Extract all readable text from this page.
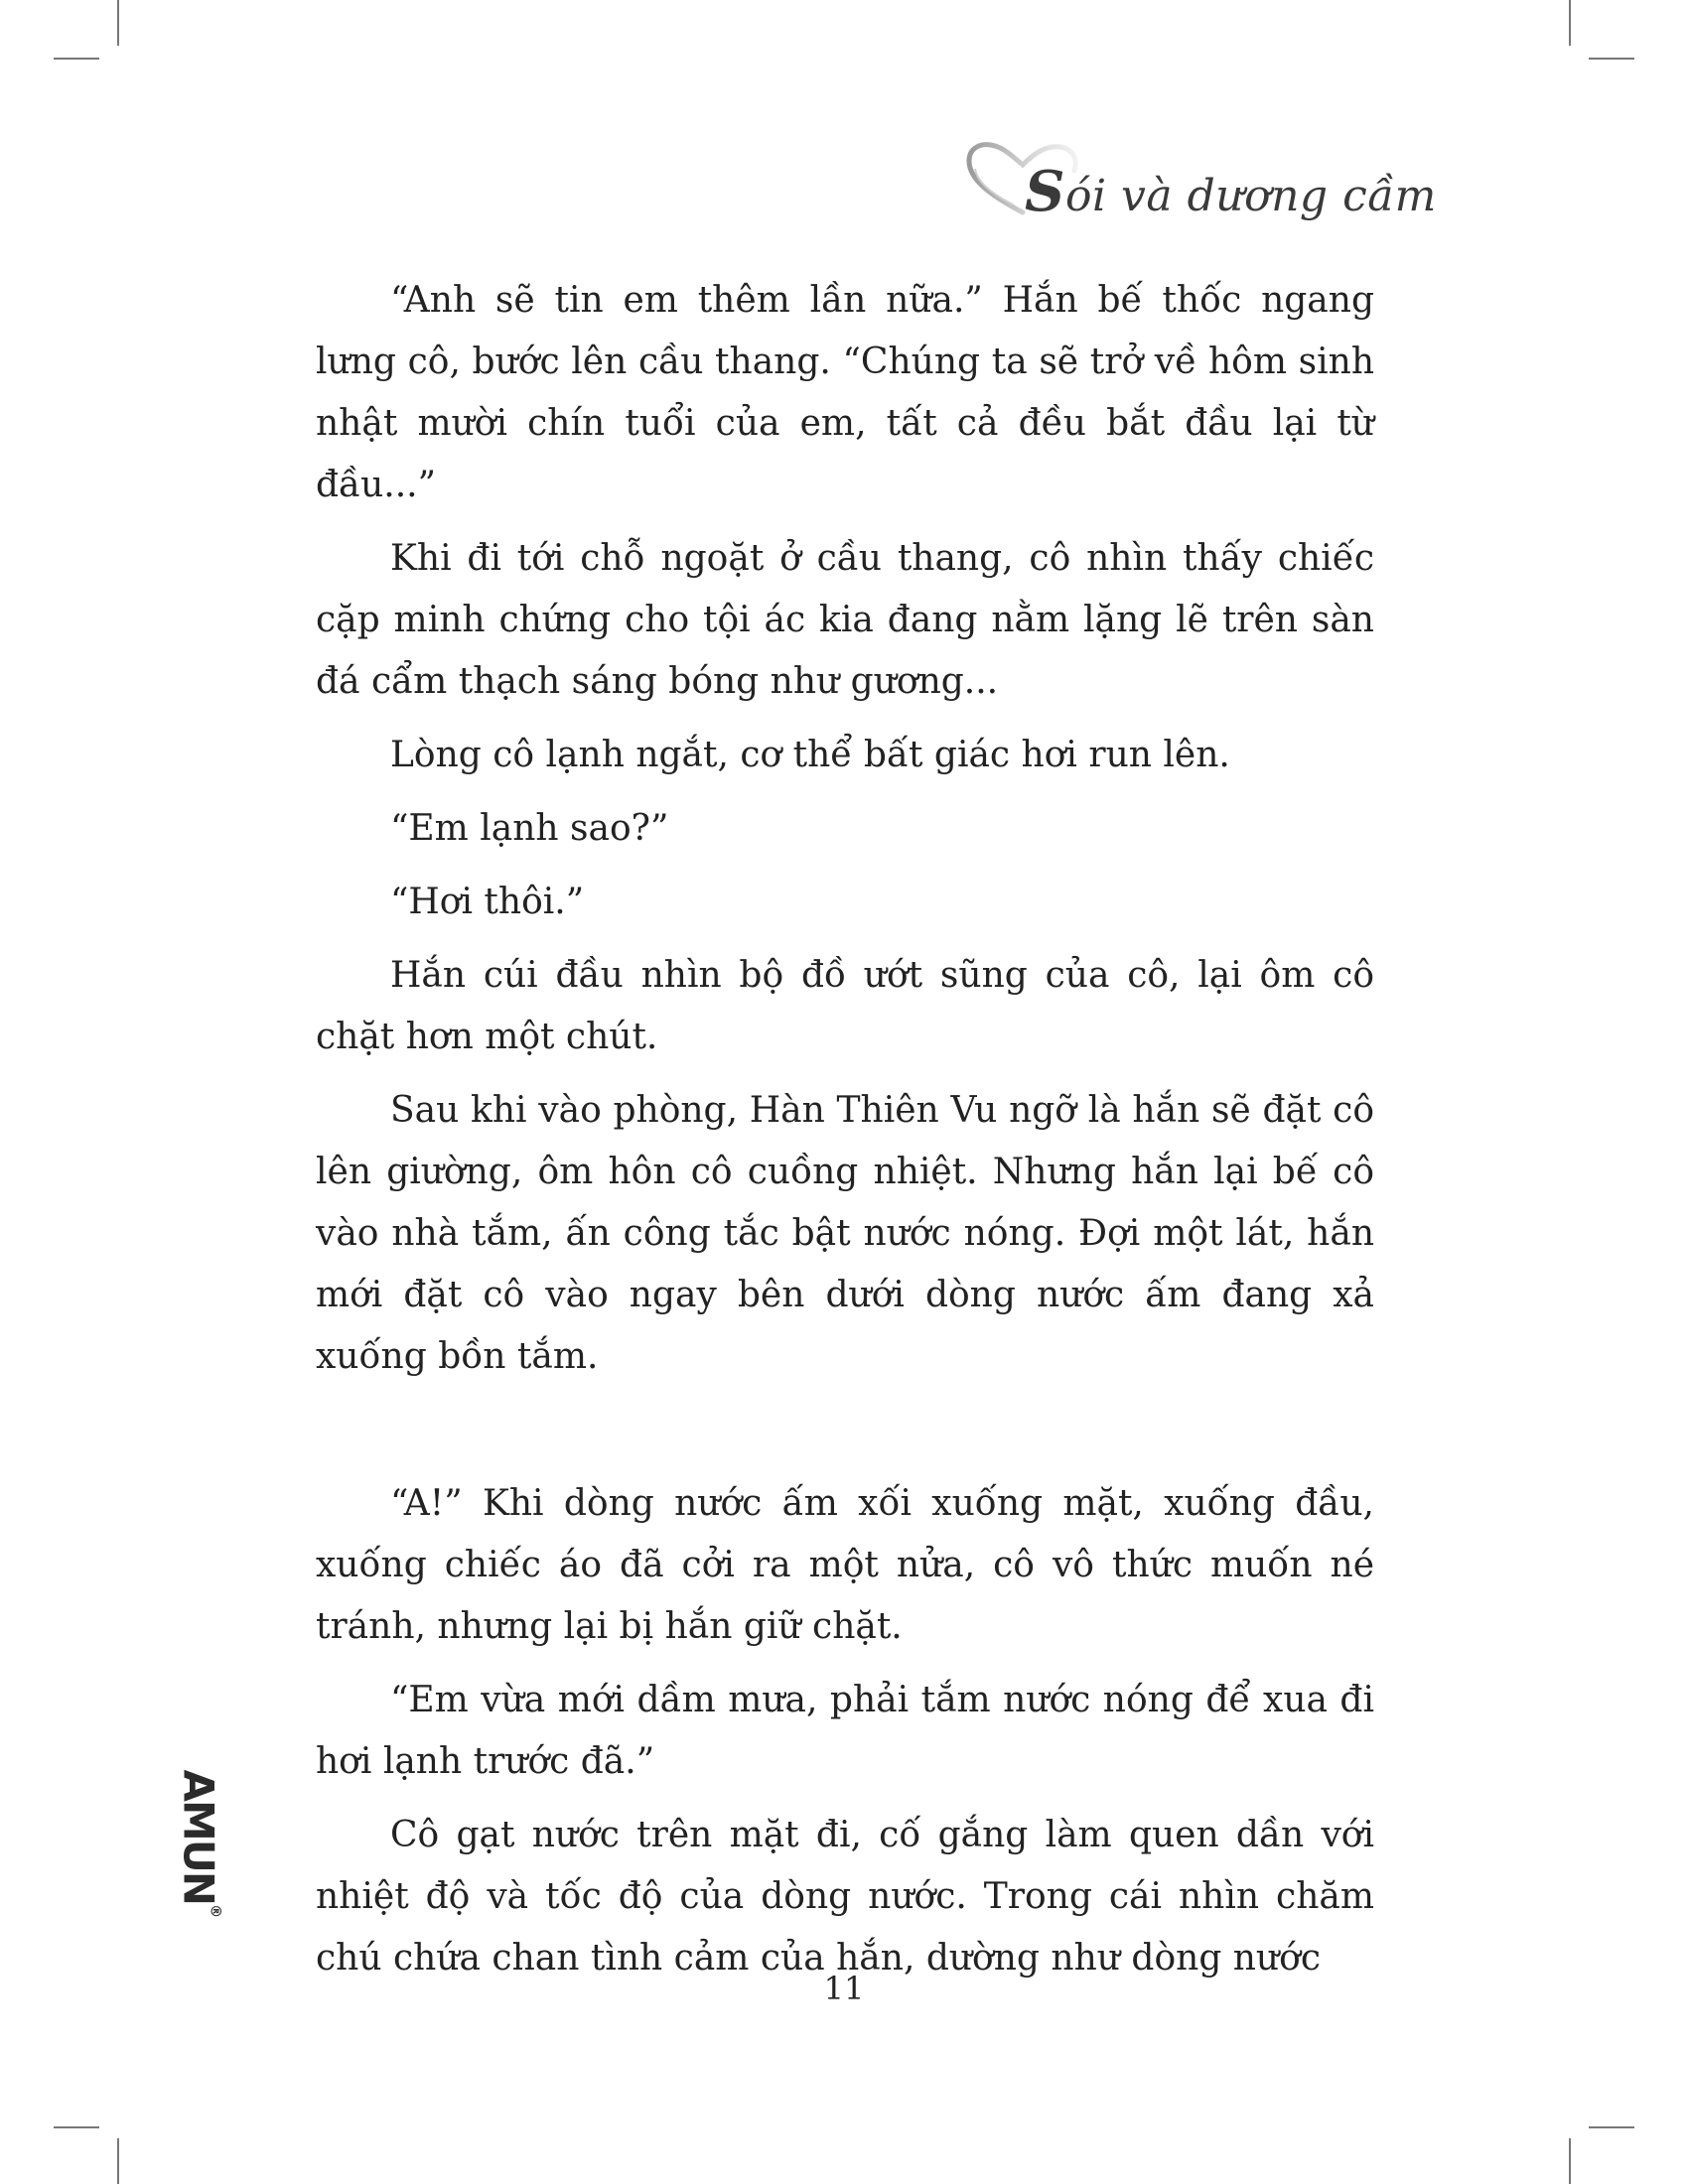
Sói và dương cầm

“Anh sẽ tin em thêm lần nữa.” Hắn bế thốc ngang lưng cô, bước lên cầu thang. “Chúng ta sẽ trở về hôm sinh nhật mười chín tuổi của em, tất cả đều bắt đầu lại từ đầu...”

Khi đi tới chỗ ngoặt ở cầu thang, cô nhìn thấy chiếc cặp minh chứng cho tội ác kia đang nằm lặng lẽ trên sàn đá cẩm thạch sáng bóng như gương...

Lòng cô lạnh ngắt, cơ thể bất giác hơi run lên.

“Em lạnh sao?”

“Hơi thôi.”

Hắn cúi đầu nhìn bộ đồ ướt sũng của cô, lại ôm cô chặt hơn một chút.

Sau khi vào phòng, Hàn Thiên Vu ngỡ là hắn sẽ đặt cô lên giường, ôm hôn cô cuồng nhiệt. Nhưng hắn lại bế cô vào nhà tắm, ấn công tắc bật nước nóng. Đợi một lát, hắn mới đặt cô vào ngay bên dưới dòng nước ấm đang xả xuống bồn tắm.

“A!” Khi dòng nước ấm xối xuống mặt, xuống đầu, xuống chiếc áo đã cởi ra một nửa, cô vô thức muốn né tránh, nhưng lại bị hắn giữ chặt.

“Em vừa mới dầm mưa, phải tắm nước nóng để xua đi hơi lạnh trước đã.”

Cô gạt nước trên mặt đi, cố gắng làm quen dần với nhiệt độ và tốc độ của dòng nước. Trong cái nhìn chăm chú chứa chan tình cảm của hắn, dường như dòng nước

AMUN®
11
